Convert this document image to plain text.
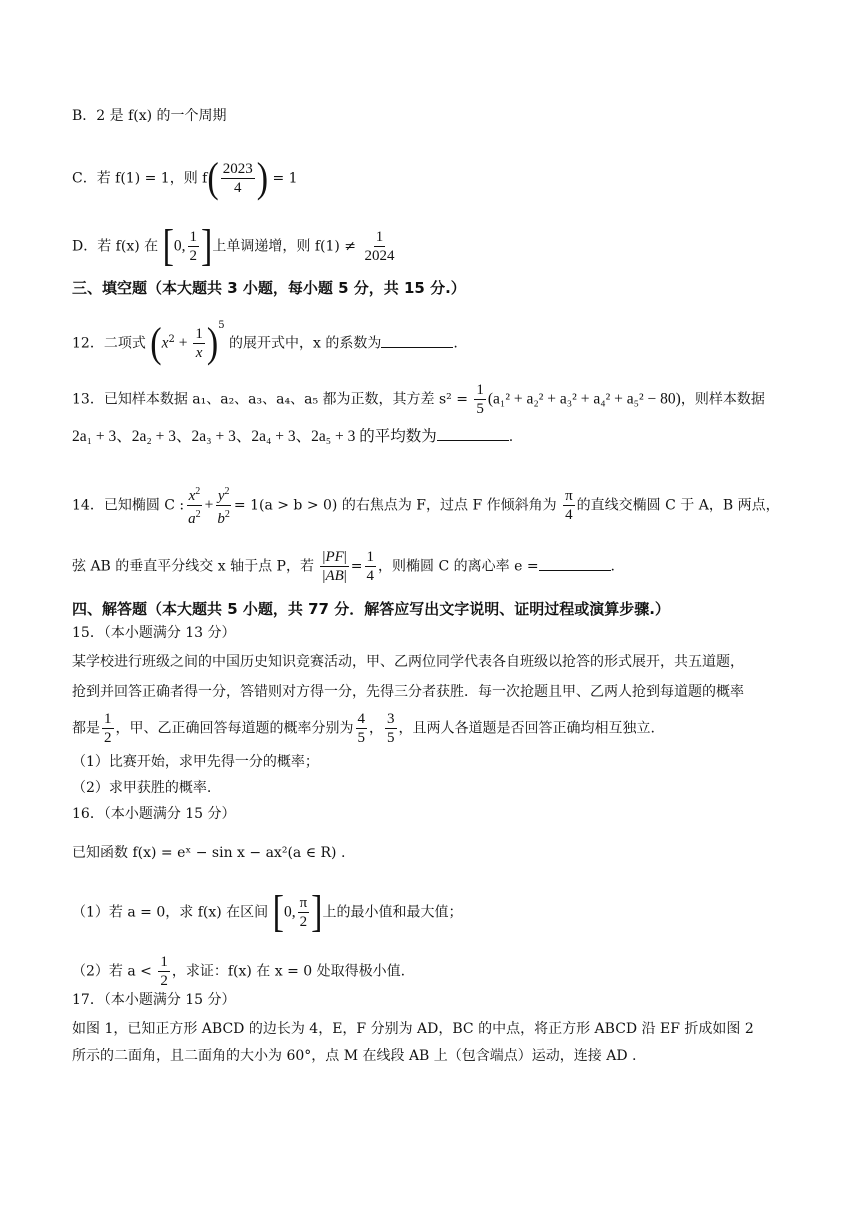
B．2 是 f(x) 的一个周期
C．若 f(1) = 1，则 $f( \frac{2023}{4}$ ) = 1
D．若 f(x) 在 [0, $\frac{1}{2}$ ]上单调递增，则 $f(1) \ne \frac{1}{2024}$
三、填空题（本大题共 3 小题，每小题 5 分，共 15 分.）
12．二项式 $(x^2 + \frac{1}{x} )^5$ 的展开式中，x 的系数为	.
13．已知样本数据 a₁、a₂、a₃、a₄、a₅ 都为正数，其方差 $s^2 = \frac{1}{5} (a_1^2 + a_2^2 + a_3^2 + a_4^2 + a_5^2 - 80)$，则样本数据
2a₁ + 3、2a₂ + 3、2a₃ + 3、2a₄ + 3、2a₅ + 3 的平均数为	.
14．已知椭圆 C : $\frac{x^2}{a^2} + \frac{y^2}{b^2} = 1(a > b > 0)$ 的右焦点为 F，过点 F 作倾斜角为 $\frac{\pi}{4}$ 的直线交椭圆 C 于 A，B 两点，
弦 AB 的垂直平分线交 x 轴于点 P，若 $\frac{|PF|}{|AB|} = \frac{1}{4}$ ，则椭圆 C 的离心率 e =	.
四、解答题（本大题共 5 小题，共 77 分．解答应写出文字说明、证明过程或演算步骤.）
15．（本小题满分 13 分）
某学校进行班级之间的中国历史知识竞赛活动，甲、乙两位同学代表各自班级以抢答的形式展开，共五道题，
抢到并回答正确者得一分，答错则对方得一分，先得三分者获胜．每一次抢题且甲、乙两人抢到每道题的概率
都是 $\frac{1}{2}$ ，甲、乙正确回答每道题的概率分别为 $\frac{4}{5}$ ， $\frac{3}{5}$ ，且两人各道题是否回答正确均相互独立.
（1）比赛开始，求甲先得一分的概率；
（2）求甲获胜的概率.
16．（本小题满分 15 分）
已知函数 f(x) = eˣ − sin x − ax²(a ∈ R) .
（1）若 a = 0，求 f(x) 在区间 [0, $\frac{\pi}{2}$ ]上的最小值和最大值；
（2）若 $a < \frac{1}{2}$ ，求证：f(x) 在 x = 0 处取得极小值.
17．（本小题满分 15 分）
如图 1，已知正方形 ABCD 的边长为 4，E，F 分别为 AD，BC 的中点，将正方形 ABCD 沿 EF 折成如图 2
所示的二面角，且二面角的大小为 60°，点 M 在线段 AB 上（包含端点）运动，连接 AD .
